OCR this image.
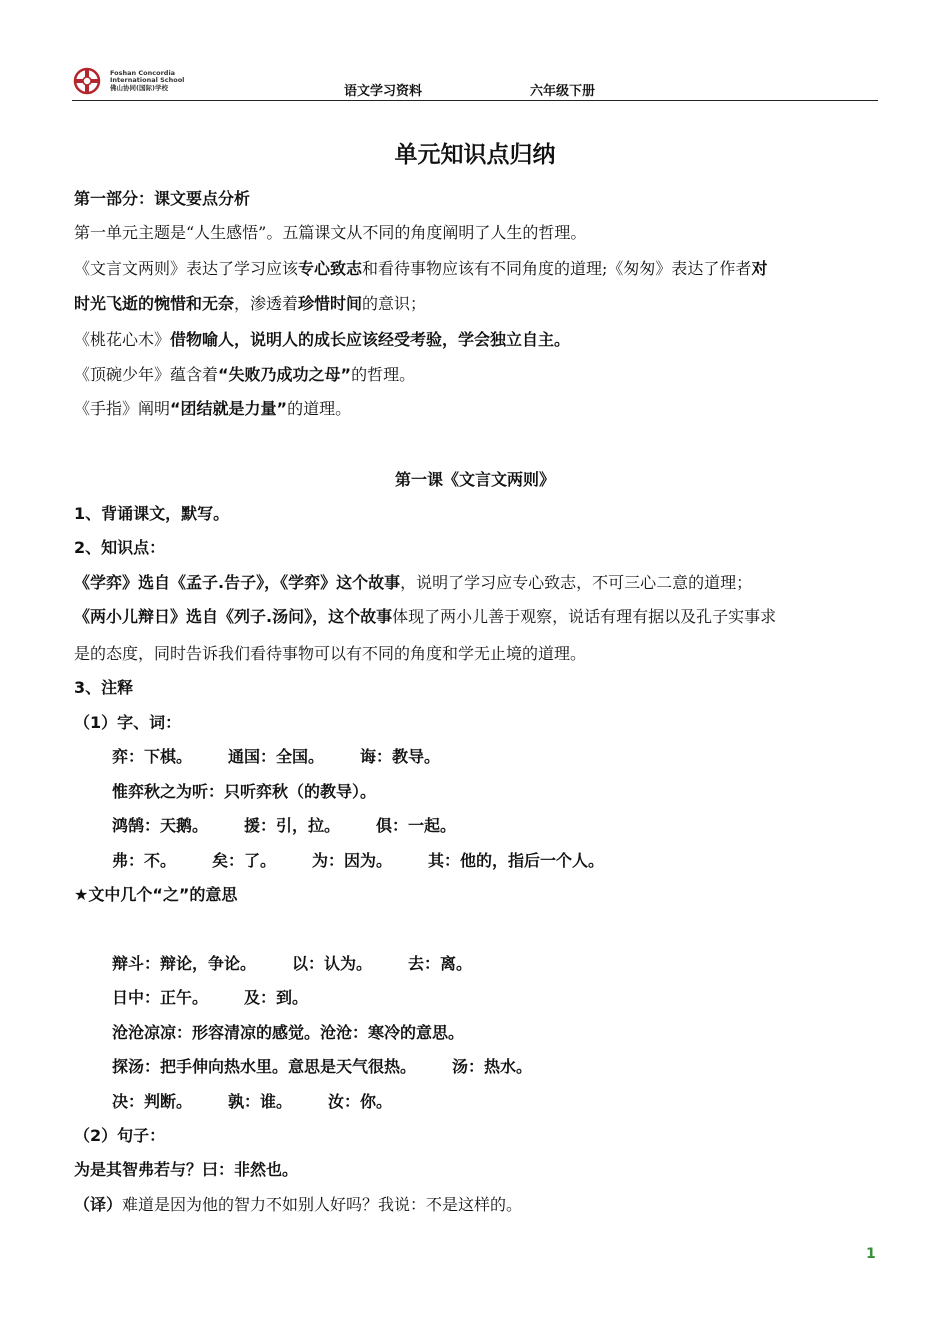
Foshan Concordia
International School
佛山协同(国际)学校	语文学习资料	六年级下册
单元知识点归纳
第一部分：课文要点分析
第一单元主题是“人生感悟”。五篇课文从不同的角度阐明了人生的哲理。
《文言文两则》表达了学习应该专心致志和看待事物应该有不同角度的道理;《匆匆》表达了作者对
时光飞逝的惋惜和无奈，渗透着珍惜时间的意识；
《桃花心木》借物喻人，说明人的成长应该经受考验，学会独立自主。
《顶碗少年》蕴含着“失败乃成功之母”的哲理。
《手指》阐明“团结就是力量”的道理。
第一课《文言文两则》
1、背诵课文，默写。
2、知识点：
《学弈》选自《孟子.告子》，《学弈》这个故事，说明了学习应专心致志，不可三心二意的道理；
《两小儿辩日》选自《列子.汤问》，这个故事体现了两小儿善于观察，说话有理有据以及孔子实事求
是的态度，同时告诉我们看待事物可以有不同的角度和学无止境的道理。
3、注释
（1）字、词：
弈：下棋。 通国：全国。 诲：教导。
惟弈秋之为听：只听弈秋（的教导）。
鸿鹄：天鹅。 援：引，拉。 俱：一起。
弗：不。 矣：了。 为：因为。 其：他的，指后一个人。
★文中几个“之”的意思
辩斗：辩论，争论。 以：认为。 去：离。
日中：正午。 及：到。
沧沧凉凉：形容清凉的感觉。沧沧：寒冷的意思。
探汤：把手伸向热水里。意思是天气很热。 汤：热水。
决：判断。 孰：谁。 汝：你。
（2）句子：
为是其智弗若与？曰：非然也。
（译）难道是因为他的智力不如别人好吗？我说：不是这样的。
1
